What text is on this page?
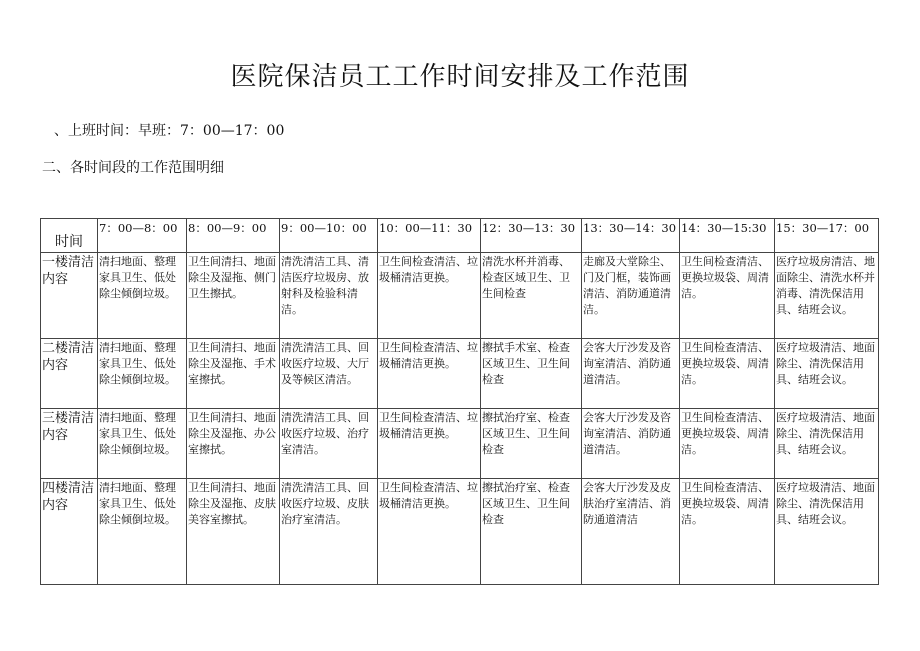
医院保洁员工工作时间安排及工作范围
、上班时间：早班：7：00—17：00
二、各时间段的工作范围明细
时间	7：00—8：00	8：00—9：00	9：00—10：00	10：00—11：30	12：30—13：30	13：30—14：30	14：30—15:30	15：30—17：00
一楼清洁内容	清扫地面、整理家具卫生、低处除尘倾倒垃圾。	卫生间清扫、地面除尘及湿拖、侧门卫生擦拭。	清洗清洁工具、清洁医疗垃圾房、放射科及检验科清洁。	卫生间检查清洁、垃圾桶清洁更换。	清洗水杯并消毒、检查区域卫生、卫生间检查	走廊及大堂除尘、门及门框，装饰画清洁、消防通道清洁。	卫生间检查清洁、更换垃圾袋、周清洁。	医疗垃圾房清洁、地面除尘、清洗水杯并消毒、清洗保洁用具、结班会议。
二楼清洁内容	清扫地面、整理家具卫生、低处除尘倾倒垃圾。	卫生间清扫、地面除尘及湿拖、手术室擦拭。	清洗清洁工具、回收医疗垃圾、大厅及等候区清洁。	卫生间检查清洁、垃圾桶清洁更换。	擦拭手术室、检查区域卫生、卫生间检查	会客大厅沙发及咨询室清洁、消防通道清洁。	卫生间检查清洁、更换垃圾袋、周清洁。	医疗垃圾清洁、地面除尘、清洗保洁用具、结班会议。
三楼清洁内容	清扫地面、整理家具卫生、低处除尘倾倒垃圾。	卫生间清扫、地面除尘及湿拖、办公室擦拭。	清洗清洁工具、回收医疗垃圾、治疗室清洁。	卫生间检查清洁、垃圾桶清洁更换。	擦拭治疗室、检查区域卫生、卫生间检查	会客大厅沙发及咨询室清洁、消防通道清洁。	卫生间检查清洁、更换垃圾袋、周清洁。	医疗垃圾清洁、地面除尘、清洗保洁用具、结班会议。
四楼清洁内容	清扫地面、整理家具卫生、低处除尘倾倒垃圾。	卫生间清扫、地面除尘及湿拖、皮肤美容室擦拭。	清洗清洁工具、回收医疗垃圾、皮肤治疗室清洁。	卫生间检查清洁、垃圾桶清洁更换。	擦拭治疗室、检查区域卫生、卫生间检查	会客大厅沙发及皮肤治疗室清洁、消防通道清洁	卫生间检查清洁、更换垃圾袋、周清洁。	医疗垃圾清洁、地面除尘、清洗保洁用具、结班会议。
